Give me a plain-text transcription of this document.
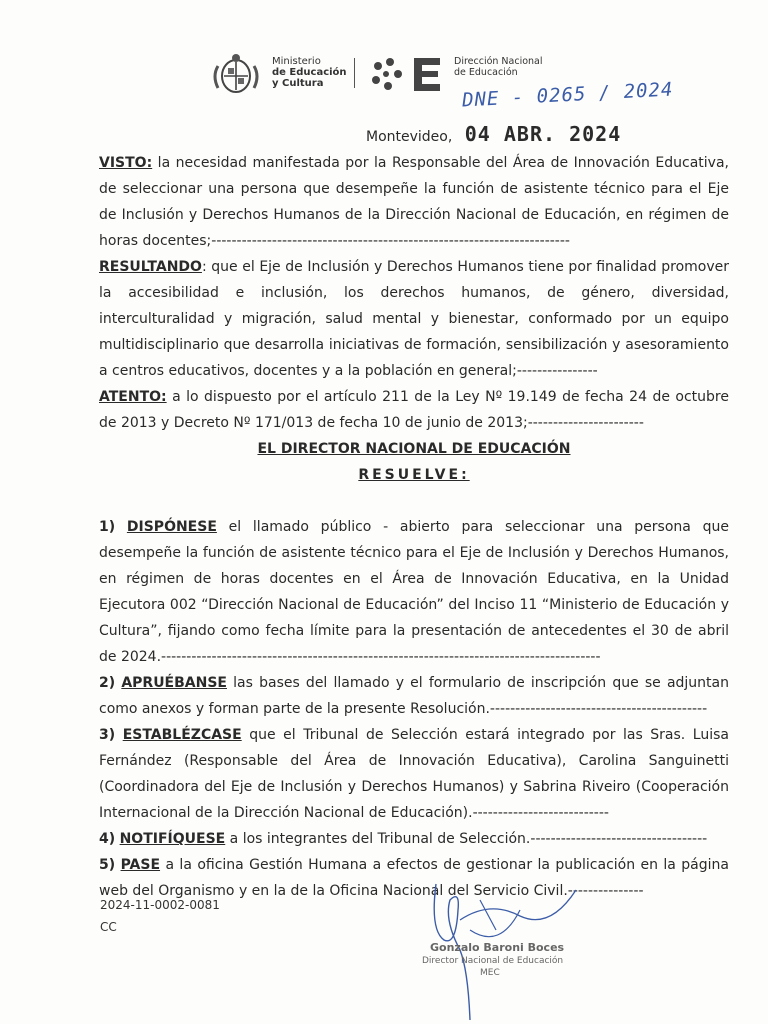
Ministerio
de Educación
y Cultura
Dirección Nacional
de Educación
DNE - 0265 / 2024
Montevideo, 04 ABR. 2024

VISTO: la necesidad manifestada por la Responsable del Área de Innovación Educativa, de seleccionar una persona que desempeñe la función de asistente técnico para el Eje de Inclusión y Derechos Humanos de la Dirección Nacional de Educación, en régimen de horas docentes;-----------------------------------------------------------------------

RESULTANDO: que el Eje de Inclusión y Derechos Humanos tiene por finalidad promover la accesibilidad e inclusión, los derechos humanos, de género, diversidad, interculturalidad y migración, salud mental y bienestar, conformado por un equipo multidisciplinario que desarrolla iniciativas de formación, sensibilización y asesoramiento a centros educativos, docentes y a la población en general;----------------

ATENTO: a lo dispuesto por el artículo 211 de la Ley Nº 19.149 de fecha 24 de octubre de 2013 y Decreto Nº 171/013 de fecha 10 de junio de 2013;-----------------------

EL DIRECTOR NACIONAL DE EDUCACIÓN

RESUELVE:

1) DISPÓNESE el llamado público - abierto para seleccionar una persona que desempeñe la función de asistente técnico para el Eje de Inclusión y Derechos Humanos, en régimen de horas docentes en el Área de Innovación Educativa, en la Unidad Ejecutora 002 “Dirección Nacional de Educación” del Inciso 11 “Ministerio de Educación y Cultura”, fijando como fecha límite para la presentación de antecedentes el 30 de abril de 2024.---------------------------------------------------------------------------------------

2) APRUÉBANSE las bases del llamado y el formulario de inscripción que se adjuntan como anexos y forman parte de la presente Resolución.-------------------------------------------

3) ESTABLÉZCASE que el Tribunal de Selección estará integrado por las Sras. Luisa Fernández (Responsable del Área de Innovación Educativa), Carolina Sanguinetti (Coordinadora del Eje de Inclusión y Derechos Humanos) y Sabrina Riveiro (Cooperación Internacional de la Dirección Nacional de Educación).---------------------------

4) NOTIFÍQUESE a los integrantes del Tribunal de Selección.-----------------------------------

5) PASE a la oficina Gestión Humana a efectos de gestionar la publicación en la página web del Organismo y en la de la Oficina Nacional del Servicio Civil.---------------

2024-11-0002-0081
CC
Gonzalo Baroni Boces
Director Nacional de Educación
MEC
